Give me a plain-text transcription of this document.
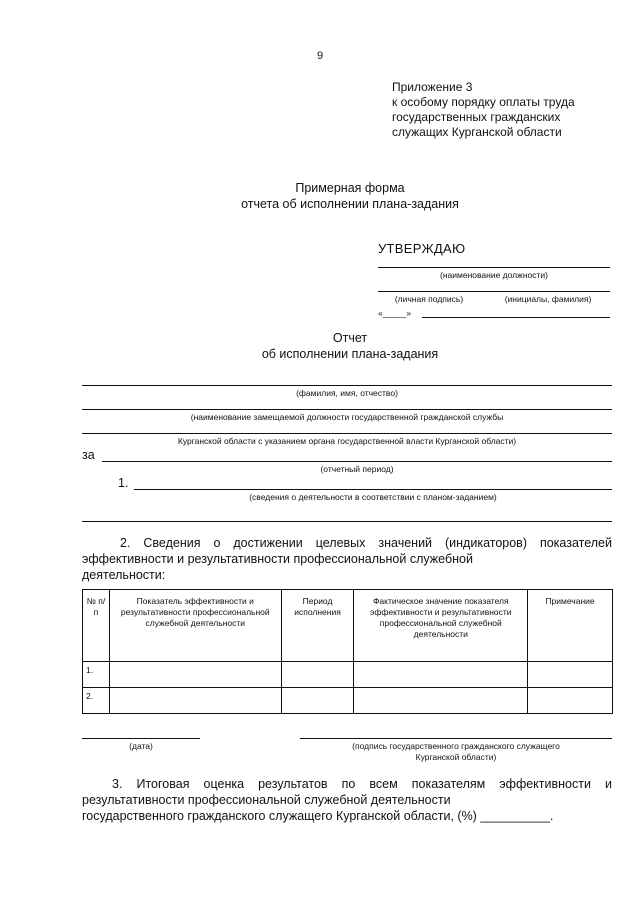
9
Приложение 3
к особому порядку оплаты труда
государственных гражданских
служащих Курганской области
Примерная форма
отчета об исполнении плана-задания
УТВЕРЖДАЮ
(наименование должности)
(личная подпись)	(инициалы, фамилия)
«_____»
Отчет
об исполнении плана-задания
(фамилия, имя, отчество)
(наименование замещаемой должности государственной гражданской службы
Курганской области с указанием органа государственной власти Курганской области)
за
(отчетный период)
1.
(сведения о деятельности в соответствии с планом-заданием)
2. Сведения о достижении целевых значений (индикаторов) показателей эффективности и результативности профессиональной служебной
деятельности:
№ п/п	Показатель эффективности и результативности профессиональной служебной деятельности	Период исполнения	Фактическое значение показателя эффективности и результативности профессиональной служебной деятельности	Примечание
1.				
2.				
(дата)	(подпись государственного гражданского служащего
Курганской области)
3. Итоговая оценка результатов по всем показателям эффективности и результативности профессиональной служебной деятельности
государственного гражданского служащего Курганской области, (%) __________.
